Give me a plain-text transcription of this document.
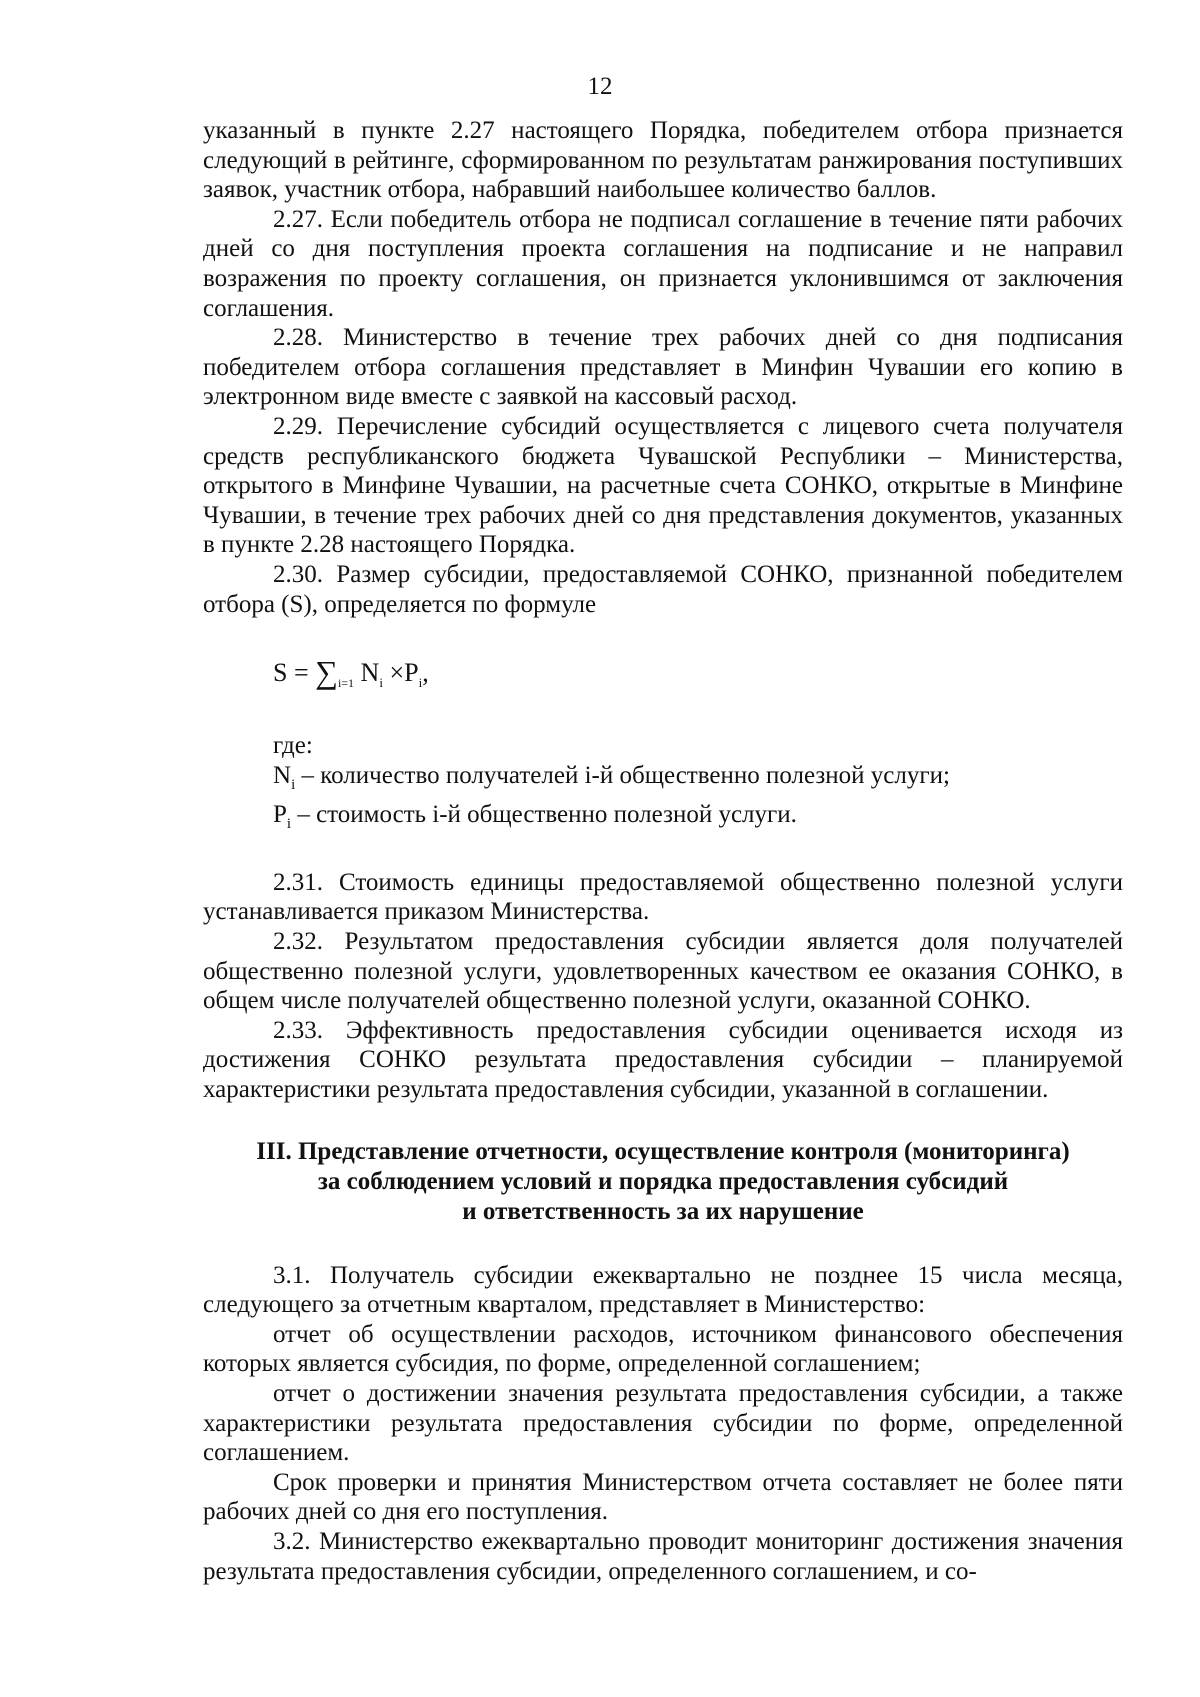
12

указанный в пункте 2.27 настоящего Порядка, победителем отбора признается следующий в рейтинге, сформированном по результатам ранжирования поступивших заявок, участник отбора, набравший наибольшее количество баллов.

2.27. Если победитель отбора не подписал соглашение в течение пяти рабочих дней со дня поступления проекта соглашения на подписание и не направил возражения по проекту соглашения, он признается уклонившимся от заключения соглашения.

2.28. Министерство в течение трех рабочих дней со дня подписания победителем отбора соглашения представляет в Минфин Чувашии его копию в электронном виде вместе с заявкой на кассовый расход.

2.29. Перечисление субсидий осуществляется с лицевого счета получателя средств республиканского бюджета Чувашской Республики – Министерства, открытого в Минфине Чувашии, на расчетные счета СОНКО, открытые в Минфине Чувашии, в течение трех рабочих дней со дня представления документов, указанных в пункте 2.28 настоящего Порядка.

2.30. Размер субсидии, предоставляемой СОНКО, признанной победителем отбора (S), определяется по формуле

$S = \sum_{i=1}$ $N_i \times P_i$,

где:

$N_i$ – количество получателей i-й общественно полезной услуги;

$P_i$ – стоимость i-й общественно полезной услуги.

2.31. Стоимость единицы предоставляемой общественно полезной услуги устанавливается приказом Министерства.

2.32. Результатом предоставления субсидии является доля получателей общественно полезной услуги, удовлетворенных качеством ее оказания СОНКО, в общем числе получателей общественно полезной услуги, оказанной СОНКО.

2.33. Эффективность предоставления субсидии оценивается исходя из достижения СОНКО результата предоставления субсидии – планируемой характеристики результата предоставления субсидии, указанной в соглашении.

III. Представление отчетности, осуществление контроля (мониторинга)
за соблюдением условий и порядка предоставления субсидий
и ответственность за их нарушение

3.1. Получатель субсидии ежеквартально не позднее 15 числа месяца, следующего за отчетным кварталом, представляет в Министерство:

отчет об осуществлении расходов, источником финансового обеспечения которых является субсидия, по форме, определенной соглашением;

отчет о достижении значения результата предоставления субсидии, а также характеристики результата предоставления субсидии по форме, определенной соглашением.

Срок проверки и принятия Министерством отчета составляет не более пяти рабочих дней со дня его поступления.

3.2. Министерство ежеквартально проводит мониторинг достижения значения результата предоставления субсидии, определенного соглашением, и со-
